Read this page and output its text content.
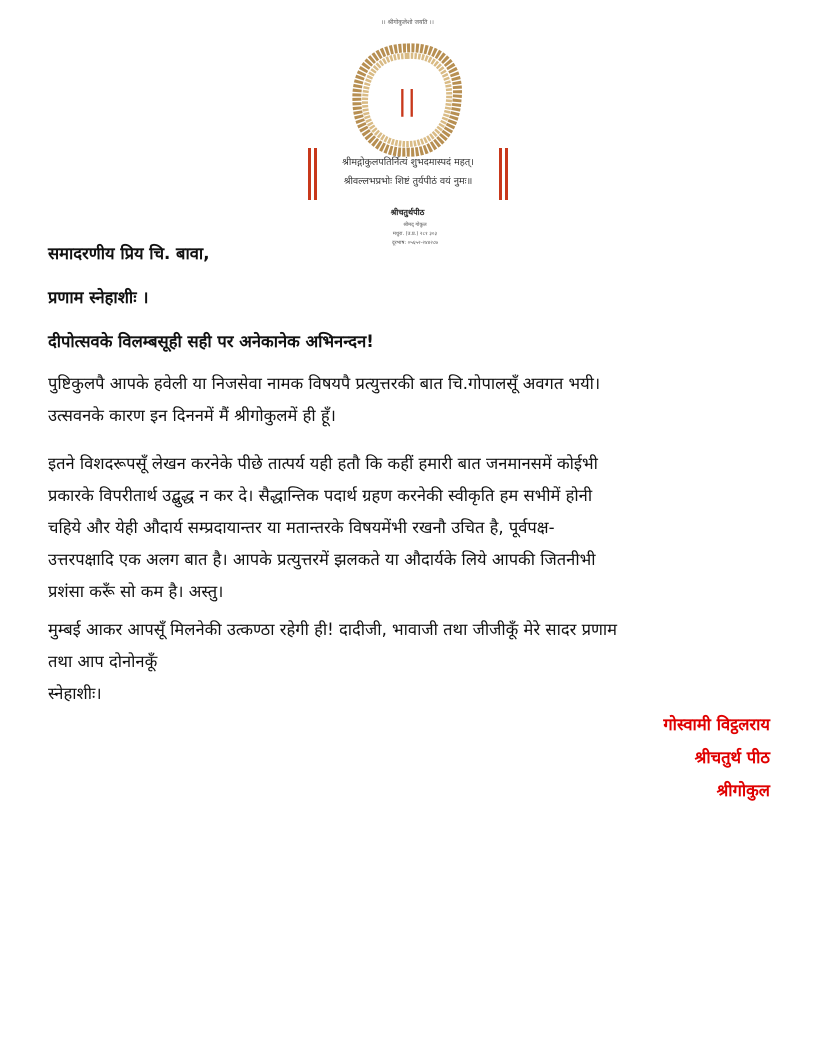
।। श्रीगोकुलेशो जयति ।।
||
श्रीमद्गोकुलपतिर्नित्यं शुभदमास्पदं महत्।
श्रीवल्लभप्रभोः शिष्टं तुर्यपीठं वयं नुमः॥
श्रीचतुर्थपीठ
श्रीमद् गोकुल
मथुरा. (उ.प्र.) २८१ ३०३
दूरभाष: ०५६५२-२४४२८७
समादरणीय प्रिय चि. बावा,
प्रणाम स्नेहाशीः ।
दीपोत्सवके विलम्बसूही सही पर अनेकानेक अभिनन्दन!
पुष्टिकुलपै आपके हवेली या निजसेवा नामक विषयपै प्रत्युत्तरकी बात चि.गोपालसूँ अवगत भयी।
उत्सवनके कारण इन दिननमें मैं श्रीगोकुलमें ही हूँ।
इतने विशदरूपसूँ लेखन करनेके पीछे तात्पर्य यही हतौ कि कहीं हमारी बात जनमानसमें कोईभी
प्रकारके विपरीतार्थ उद्बुद्ध न कर दे। सैद्धान्तिक पदार्थ ग्रहण करनेकी स्वीकृति हम सभीमें होनी
चहिये और येही औदार्य सम्प्रदायान्तर या मतान्तरके विषयमेंभी रखनौ उचित है, पूर्वपक्ष-
उत्तरपक्षादि एक अलग बात है। आपके प्रत्युत्तरमें झलकते या औदार्यके लिये आपकी जितनीभी
प्रशंसा करूँ सो कम है। अस्तु।
मुम्बई आकर आपसूँ मिलनेकी उत्कण्ठा रहेगी ही! दादीजी, भावाजी तथा जीजीकूँ मेरे सादर प्रणाम
तथा आप दोनोनकूँ
स्नेहाशीः।
गोस्वामी विट्ठलराय
श्रीचतुर्थ पीठ
श्रीगोकुल
